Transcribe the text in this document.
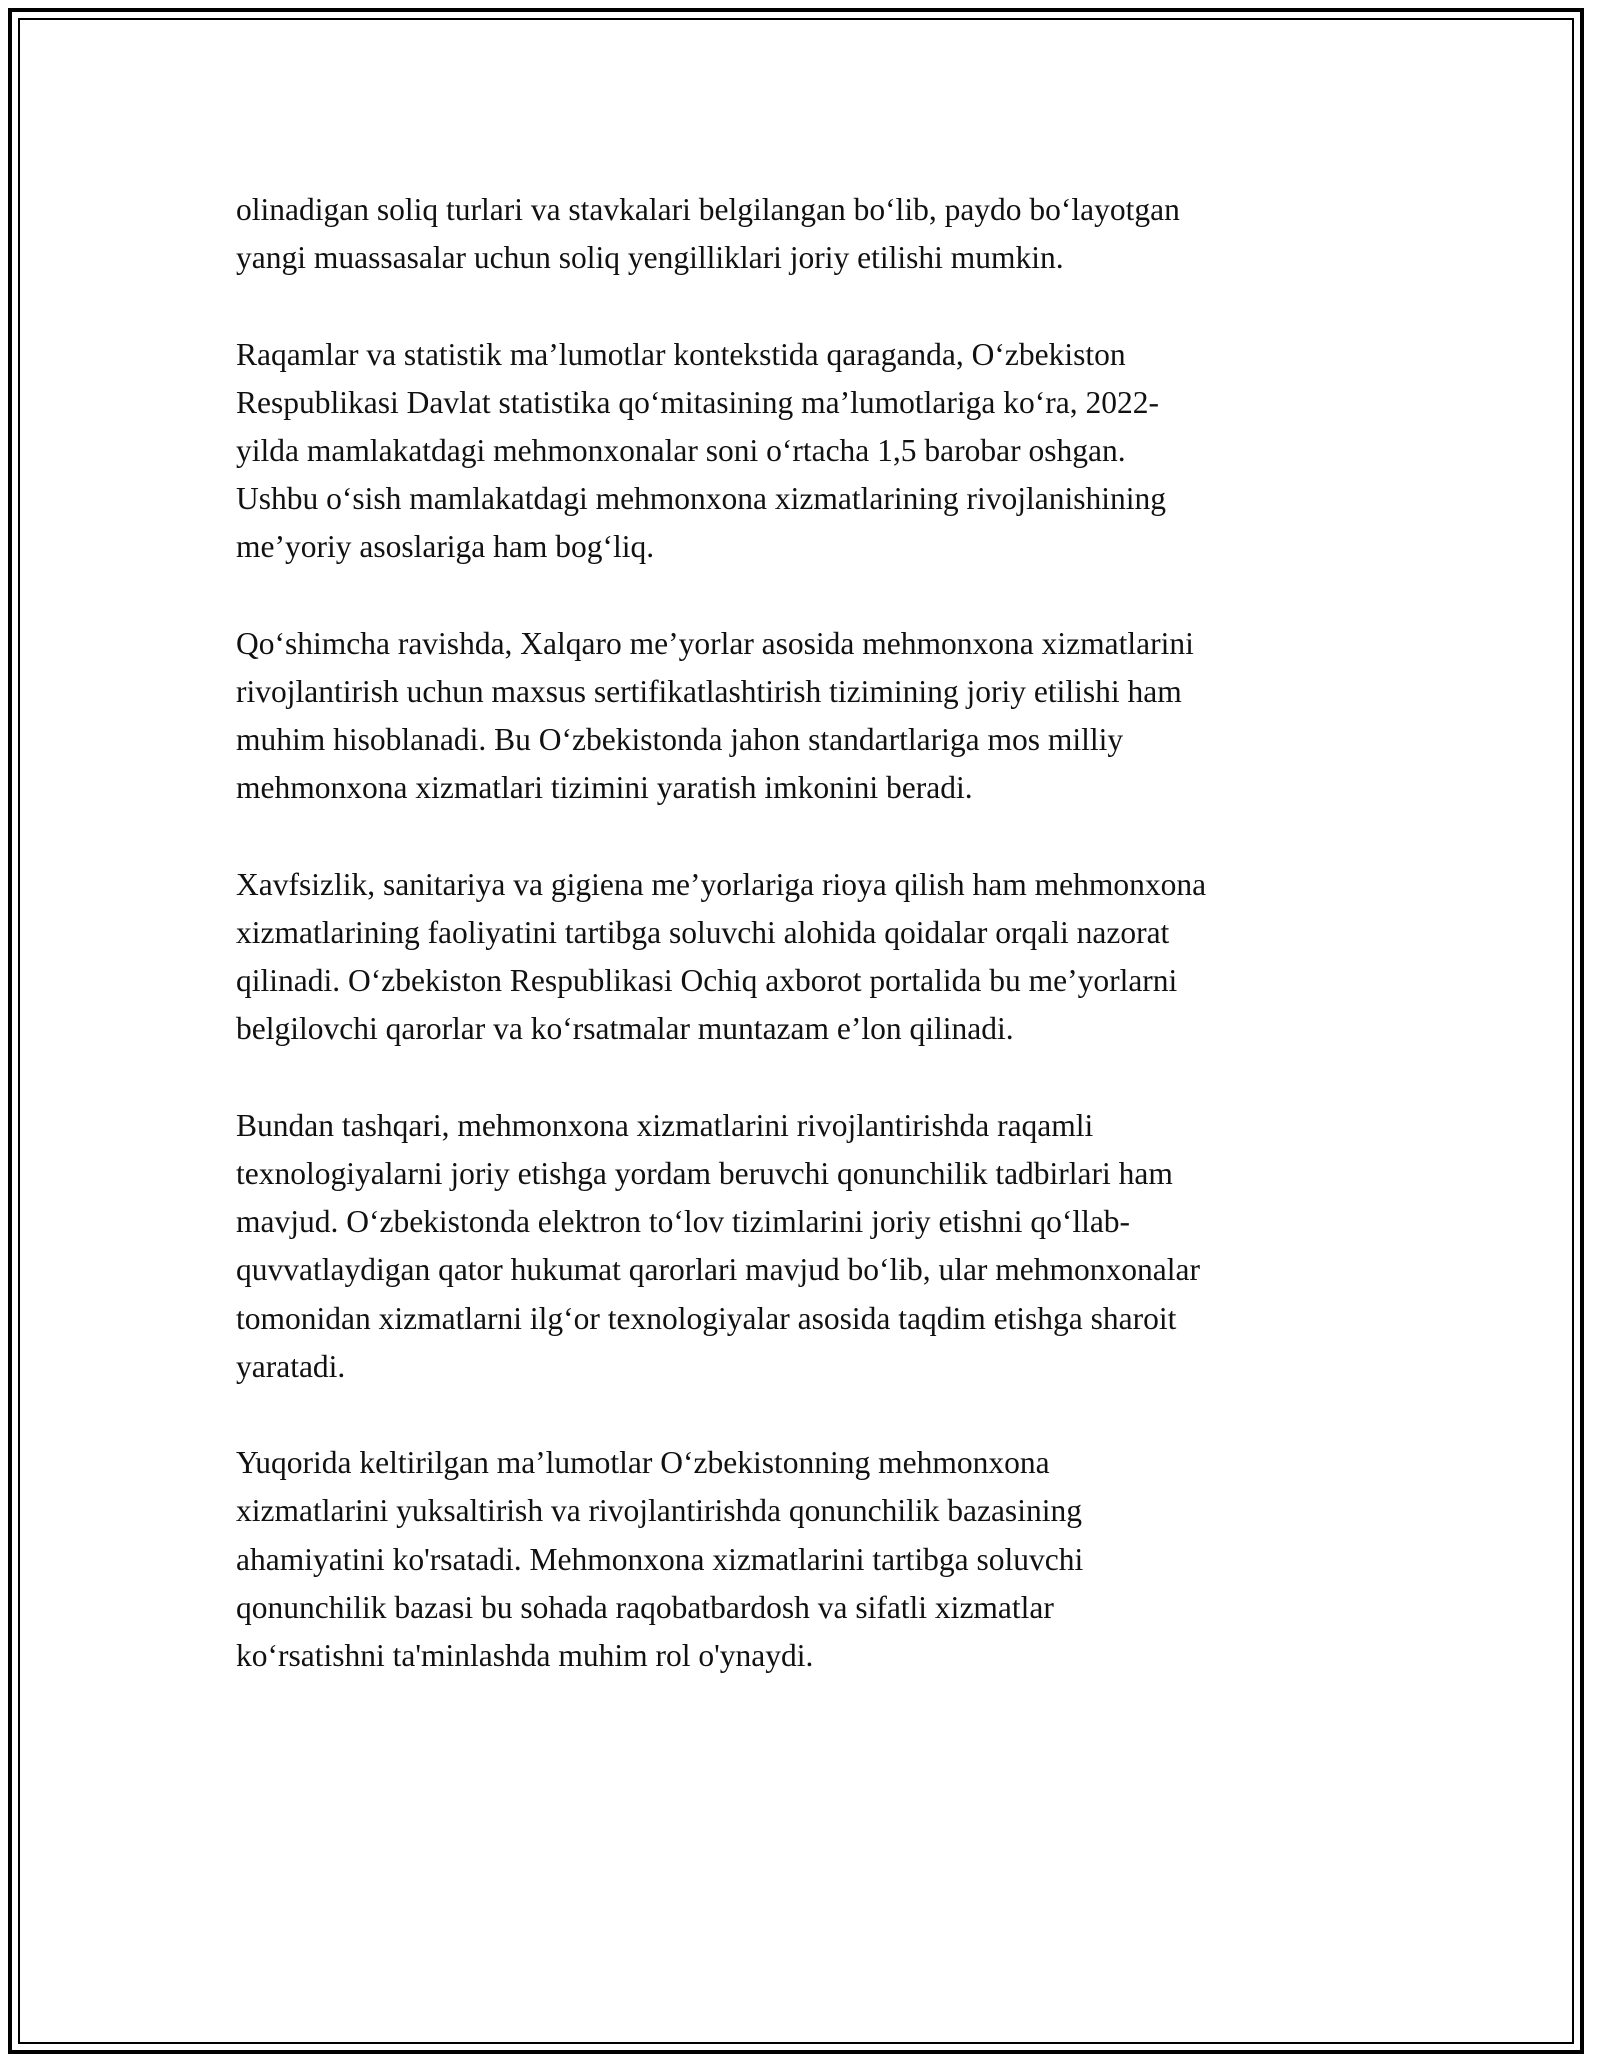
olinadigan soliq turlari va stavkalari belgilangan bo‘lib, paydo bo‘layotgan
yangi muassasalar uchun soliq yengilliklari joriy etilishi mumkin.

Raqamlar va statistik ma’lumotlar kontekstida qaraganda, O‘zbekiston
Respublikasi Davlat statistika qo‘mitasining ma’lumotlariga ko‘ra, 2022-
yilda mamlakatdagi mehmonxonalar soni o‘rtacha 1,5 barobar oshgan.
Ushbu o‘sish mamlakatdagi mehmonxona xizmatlarining rivojlanishining
me’yoriy asoslariga ham bog‘liq.

Qo‘shimcha ravishda, Xalqaro me’yorlar asosida mehmonxona xizmatlarini
rivojlantirish uchun maxsus sertifikatlashtirish tizimining joriy etilishi ham
muhim hisoblanadi. Bu O‘zbekistonda jahon standartlariga mos milliy
mehmonxona xizmatlari tizimini yaratish imkonini beradi.

Xavfsizlik, sanitariya va gigiena me’yorlariga rioya qilish ham mehmonxona
xizmatlarining faoliyatini tartibga soluvchi alohida qoidalar orqali nazorat
qilinadi. O‘zbekiston Respublikasi Ochiq axborot portalida bu me’yorlarni
belgilovchi qarorlar va ko‘rsatmalar muntazam e’lon qilinadi.

Bundan tashqari, mehmonxona xizmatlarini rivojlantirishda raqamli
texnologiyalarni joriy etishga yordam beruvchi qonunchilik tadbirlari ham
mavjud. O‘zbekistonda elektron to‘lov tizimlarini joriy etishni qo‘llab-
quvvatlaydigan qator hukumat qarorlari mavjud bo‘lib, ular mehmonxonalar
tomonidan xizmatlarni ilg‘or texnologiyalar asosida taqdim etishga sharoit
yaratadi.

Yuqorida keltirilgan ma’lumotlar O‘zbekistonning mehmonxona
xizmatlarini yuksaltirish va rivojlantirishda qonunchilik bazasining
ahamiyatini ko'rsatadi. Mehmonxona xizmatlarini tartibga soluvchi
qonunchilik bazasi bu sohada raqobatbardosh va sifatli xizmatlar
ko‘rsatishni ta'minlashda muhim rol o'ynaydi.
